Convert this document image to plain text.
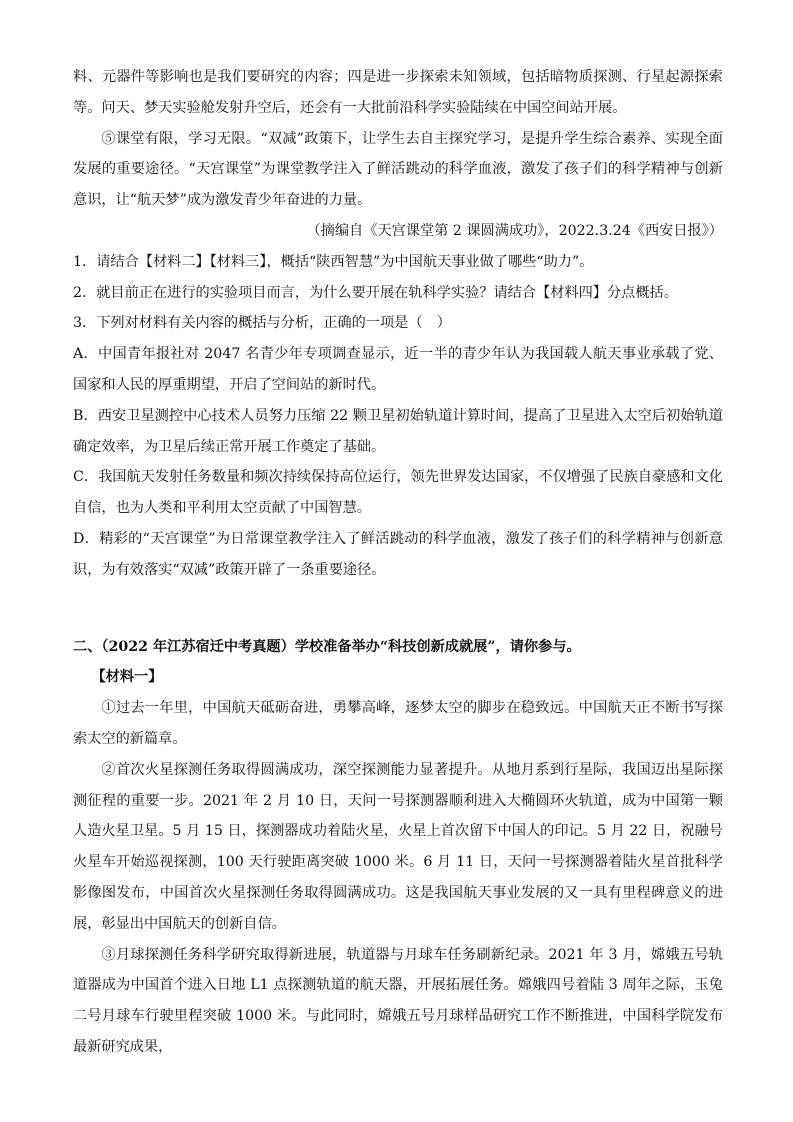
料、元器件等影响也是我们要研究的内容；四是进一步探索未知领域，包括暗物质探测、行星起源探索等。问天、梦天实验舱发射升空后，还会有一大批前沿科学实验陆续在中国空间站开展。

⑤课堂有限，学习无限。“双减”政策下，让学生去自主探究学习，是提升学生综合素养、实现全面发展的重要途径。“天宫课堂”为课堂教学注入了鲜活跳动的科学血液，激发了孩子们的科学精神与创新意识，让“航天梦”成为激发青少年奋进的力量。

（摘编自《天宫课堂第 2 课圆满成功》，2022.3.24《西安日报》）

1．请结合【材料二】【材料三】，概括“陕西智慧”为中国航天事业做了哪些“助力”。

2．就目前正在进行的实验项目而言，为什么要开展在轨科学实验？请结合【材料四】分点概括。

3．下列对材料有关内容的概括与分析，正确的一项是（　）

A．中国青年报社对 2047 名青少年专项调查显示，近一半的青少年认为我国载人航天事业承载了党、国家和人民的厚重期望，开启了空间站的新时代。

B．西安卫星测控中心技术人员努力压缩 22 颗卫星初始轨道计算时间，提高了卫星进入太空后初始轨道确定效率，为卫星后续正常开展工作奠定了基础。

C．我国航天发射任务数量和频次持续保持高位运行，领先世界发达国家，不仅增强了民族自豪感和文化自信，也为人类和平利用太空贡献了中国智慧。

D．精彩的“天宫课堂”为日常课堂教学注入了鲜活跳动的科学血液，激发了孩子们的科学精神与创新意识，为有效落实“双减”政策开辟了一条重要途径。

二、（2022 年江苏宿迁中考真题）学校准备举办“科技创新成就展”，请你参与。

【材料一】

①过去一年里，中国航天砥砺奋进，勇攀高峰，逐梦太空的脚步在稳致远。中国航天正不断书写探索太空的新篇章。

②首次火星探测任务取得圆满成功，深空探测能力显著提升。从地月系到行星际，我国迈出星际探测征程的重要一步。2021 年 2 月 10 日，天问一号探测器顺利进入大椭圆环火轨道，成为中国第一颗人造火星卫星。5 月 15 日，探测器成功着陆火星，火星上首次留下中国人的印记。5 月 22 日，祝融号火星车开始巡视探测，100 天行驶距离突破 1000 米。6 月 11 日，天问一号探测器着陆火星首批科学影像图发布，中国首次火星探测任务取得圆满成功。这是我国航天事业发展的又一具有里程碑意义的进展，彰显出中国航天的创新自信。

③月球探测任务科学研究取得新进展，轨道器与月球车任务刷新纪录。2021 年 3 月，嫦娥五号轨道器成为中国首个进入日地 L1 点探测轨道的航天器，开展拓展任务。嫦娥四号着陆 3 周年之际，玉兔二号月球车行驶里程突破 1000 米。与此同时，嫦娥五号月球样品研究工作不断推进，中国科学院发布最新研究成果，
